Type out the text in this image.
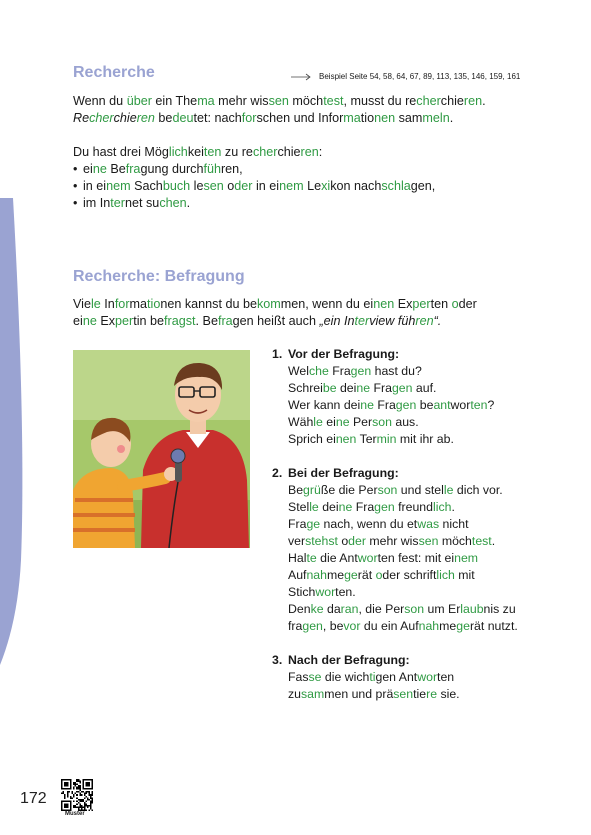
Recherche	Beispiel Seite 54, 58, 64, 67, 89, 113, 135, 146, 159, 161
Wenn du über ein Thema mehr wissen möchtest, musst du recherchieren.
Recherchieren bedeutet: nachforschen und Informationen sammeln.
Du hast drei Möglichkeiten zu recherchieren:
• eine Befragung durchführen,
• in einem Sachbuch lesen oder in einem Lexikon nachschlagen,
• im Internet suchen.
Recherche: Befragung
Viele Informationen kannst du bekommen, wenn du einen Experten oder
eine Expertin befragst. Befragen heißt auch „ein Interview führen“.
1. Vor der Befragung:
Welche Fragen hast du?
Schreibe deine Fragen auf.
Wer kann deine Fragen beantworten?
Wähle eine Person aus.
Sprich einen Termin mit ihr ab.
2. Bei der Befragung:
Begrüße die Person und stelle dich vor.
Stelle deine Fragen freundlich.
Frage nach, wenn du etwas nicht
verstehst oder mehr wissen möchtest.
Halte die Antworten fest: mit einem
Aufnahmegerät oder schriftlich mit
Stichworten.
Denke daran, die Person um Erlaubnis zu
fragen, bevor du ein Aufnahmegerät nutzt.
3. Nach der Befragung:
Fasse die wichtigen Antworten
zusammen und präsentiere sie.
172
Muster
